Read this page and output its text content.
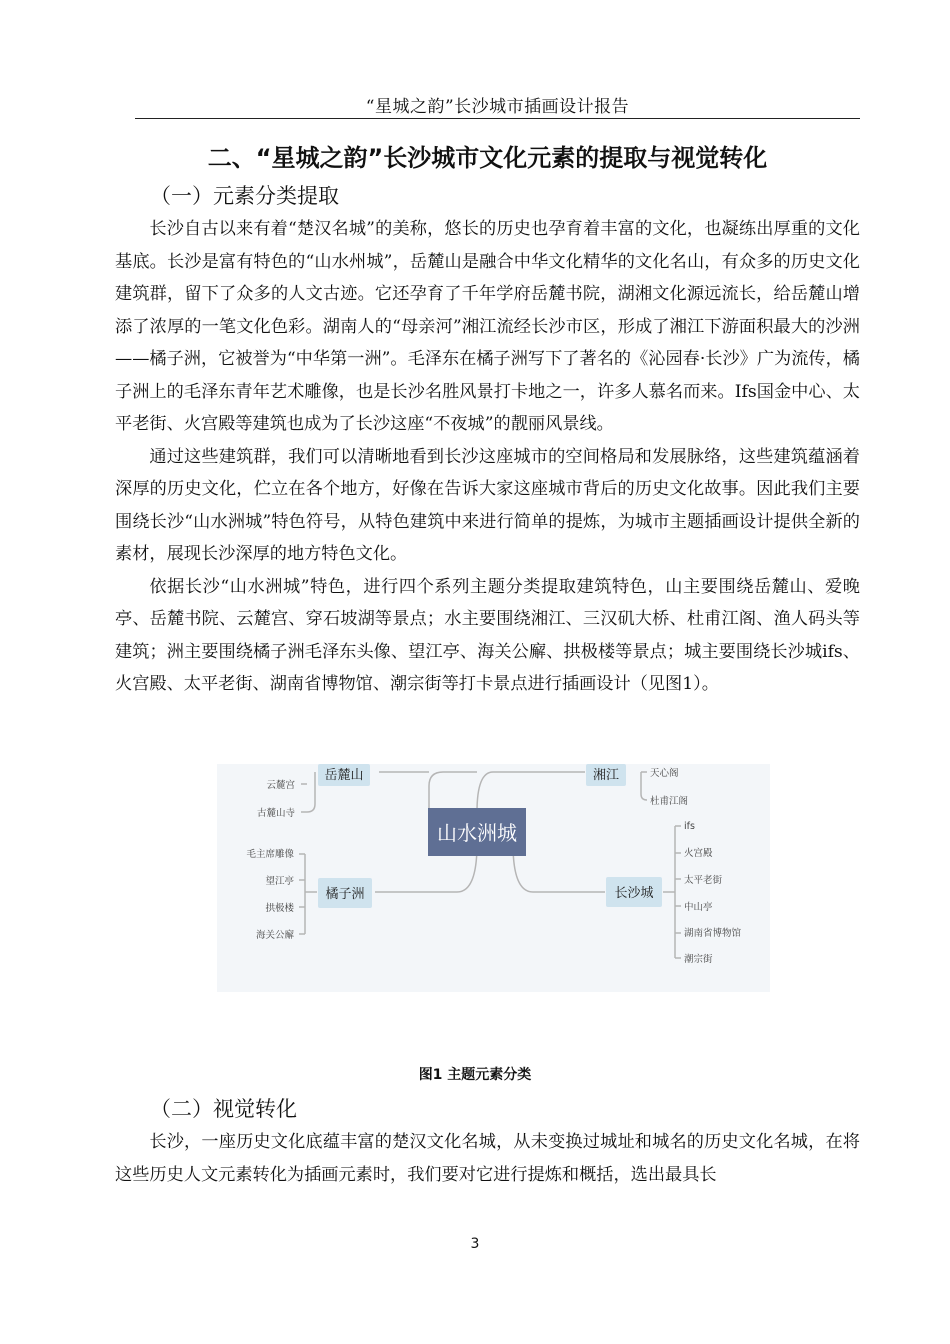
“星城之韵”长沙城市插画设计报告
二、“星城之韵”长沙城市文化元素的提取与视觉转化
（一）元素分类提取

长沙自古以来有着“楚汉名城”的美称，悠长的历史也孕育着丰富的文化，也凝练出厚重的文化基底。长沙是富有特色的“山水州城”，岳麓山是融合中华文化精华的文化名山，有众多的历史文化建筑群，留下了众多的人文古迹。它还孕育了千年学府岳麓书院，湖湘文化源远流长，给岳麓山增添了浓厚的一笔文化色彩。湖南人的“母亲河”湘江流经长沙市区，形成了湘江下游面积最大的沙洲——橘子洲，它被誉为“中华第一洲”。毛泽东在橘子洲写下了著名的《沁园春·长沙》广为流传，橘子洲上的毛泽东青年艺术雕像，也是长沙名胜风景打卡地之一，许多人慕名而来。Ifs国金中心、太平老街、火宫殿等建筑也成为了长沙这座“不夜城”的靓丽风景线。

通过这些建筑群，我们可以清晰地看到长沙这座城市的空间格局和发展脉络，这些建筑蕴涵着深厚的历史文化，伫立在各个地方，好像在告诉大家这座城市背后的历史文化故事。因此我们主要围绕长沙“山水洲城”特色符号，从特色建筑中来进行简单的提炼，为城市主题插画设计提供全新的素材，展现长沙深厚的地方特色文化。

依据长沙“山水洲城”特色，进行四个系列主题分类提取建筑特色，山主要围绕岳麓山、爱晚亭、岳麓书院、云麓宫、穿石坡湖等景点；水主要围绕湘江、三汉矶大桥、杜甫江阁、渔人码头等建筑；洲主要围绕橘子洲毛泽东头像、望江亭、海关公廨、拱极楼等景点；城主要围绕长沙城ifs、火宫殿、太平老街、湖南省博物馆、潮宗街等打卡景点进行插画设计（见图1）。

山水洲城
岳麓山
云麓宫
古麓山寺
湘江	天心阁
杜甫江阁
橘子洲
毛主席雕像
望江亭
拱极楼
海关公廨
长沙城
ifs
火宫殿
太平老街
中山亭
湖南省博物馆
潮宗街
图1 主题元素分类
（二）视觉转化

长沙，一座历史文化底蕴丰富的楚汉文化名城，从未变换过城址和城名的历史文化名城，在将这些历史人文元素转化为插画元素时，我们要对它进行提炼和概括，选出最具长

3
